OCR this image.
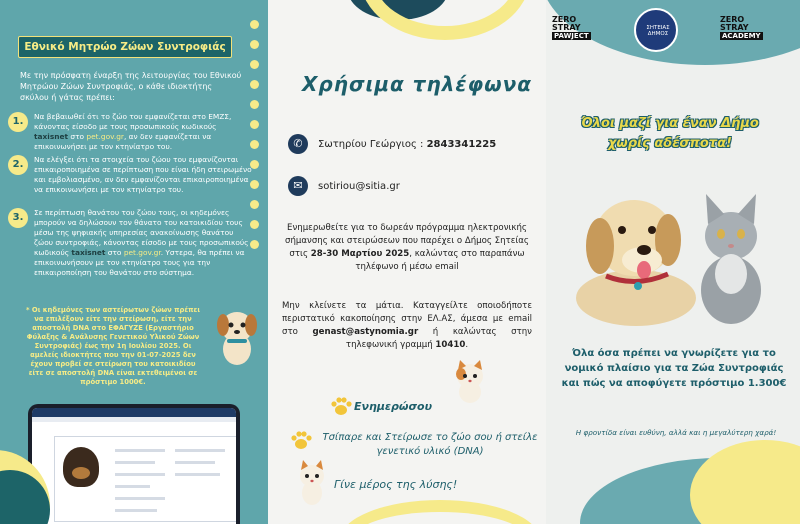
Εθνικό Μητρώο Ζώων Συντροφιάς
Με την πρόσφατη έναρξη της λειτουργίας του Εθνικού Μητρώου Ζώων Συντροφιάς, ο κάθε ιδιοκτήτης σκύλου ή γάτας πρέπει:
1.	Να βεβαιωθεί ότι το ζώο του εμφανίζεται στο ΕΜΖΣ, κάνοντας είσοδο με τους προσωπικούς κωδικούς taxisnet στο pet.gov.gr, αν δεν εμφανίζεται να επικοινωνήσει με τον κτηνίατρο του.
2.	Να ελέγξει ότι τα στοιχεία του ζώου του εμφανίζονται επικαιροποιημένα σε περίπτωση που είναι ήδη στειρωμένο και εμβολιασμένο, αν δεν εμφανίζονται επικαιροποιημένα να επικοινωνήσει με τον κτηνίατρο του.
3.	Σε περίπτωση θανάτου του ζώου τους, οι κηδεμόνες μπορούν να δηλώσουν τον θάνατο του κατοικιδίου τους μέσω της ψηφιακής υπηρεσίας ανακοίνωσης θανάτου ζώου συντροφιάς, κάνοντας είσοδο με τους προσωπικούς κωδικούς taxisnet στο pet.gov.gr. Υστερα, θα πρέπει να επικοινωνήσουν με τον κτηνίατρο τους για την επικαιροποίηση του θανάτου στο σύστημα.
* Οι κηδεμόνες των αστείρωτων ζώων πρέπει να επιλέξουν είτε την στείρωση, είτε την αποστολή DNA στο ΕΦΑΓΥΖΕ (Εργαστήριο Φύλαξης & Ανάλυσης Γενετικού Υλικού Ζώων Συντροφιάς) έως την 1η Ιουλίου 2025. Οι αμελείς ιδιοκτήτες που την 01-07-2025 δεν έχουν προβεί σε στείρωση του κατοικιδίου είτε σε αποστολή DNA είναι εκτεθειμένοι σε πρόστιμο 1000€.
Χρήσιμα τηλέφωνα
✆	Σωτηρίου Γεώργιος : 2843341225
✉	sotiriou@sitia.gr
Ενημερωθείτε για το δωρεάν πρόγραμμα ηλεκτρονικής σήμανσης και στειρώσεων που παρέχει ο Δήμος Σητείας στις 28-30 Μαρτίου 2025, καλώντας στο παραπάνω τηλέφωνο ή μέσω email
Μην κλείνετε τα μάτια. Καταγγείλτε οποιοδήποτε περιστατικό κακοποίησης στην ΕΛ.ΑΣ, άμεσα με email στο genast@astynomia.gr ή καλώντας στην τηλεφωνική γραμμή 10410.
Ενημερώσου
Τσίπαρε και Στείρωσε το ζώο σου ή στείλε γενετικό υλικό (DNA)
Γίνε μέρος της λύσης!
ZERO
STRAY
PAWJECT
ΣΗΤΕΙΑΣ ΔΗΜΟΣ
ZERO
STRAY
ACADEMY
Όλοι μαζί για έναν Δήμο χωρίς αδέσποτα!
Όλα όσα πρέπει να γνωρίζετε για το νομικό πλαίσιο για τα Ζώα Συντροφιάς και πώς να αποφύγετε πρόστιμο 1.300€
Η φροντίδα είναι ευθύνη, αλλά και η μεγαλύτερη χαρά!
